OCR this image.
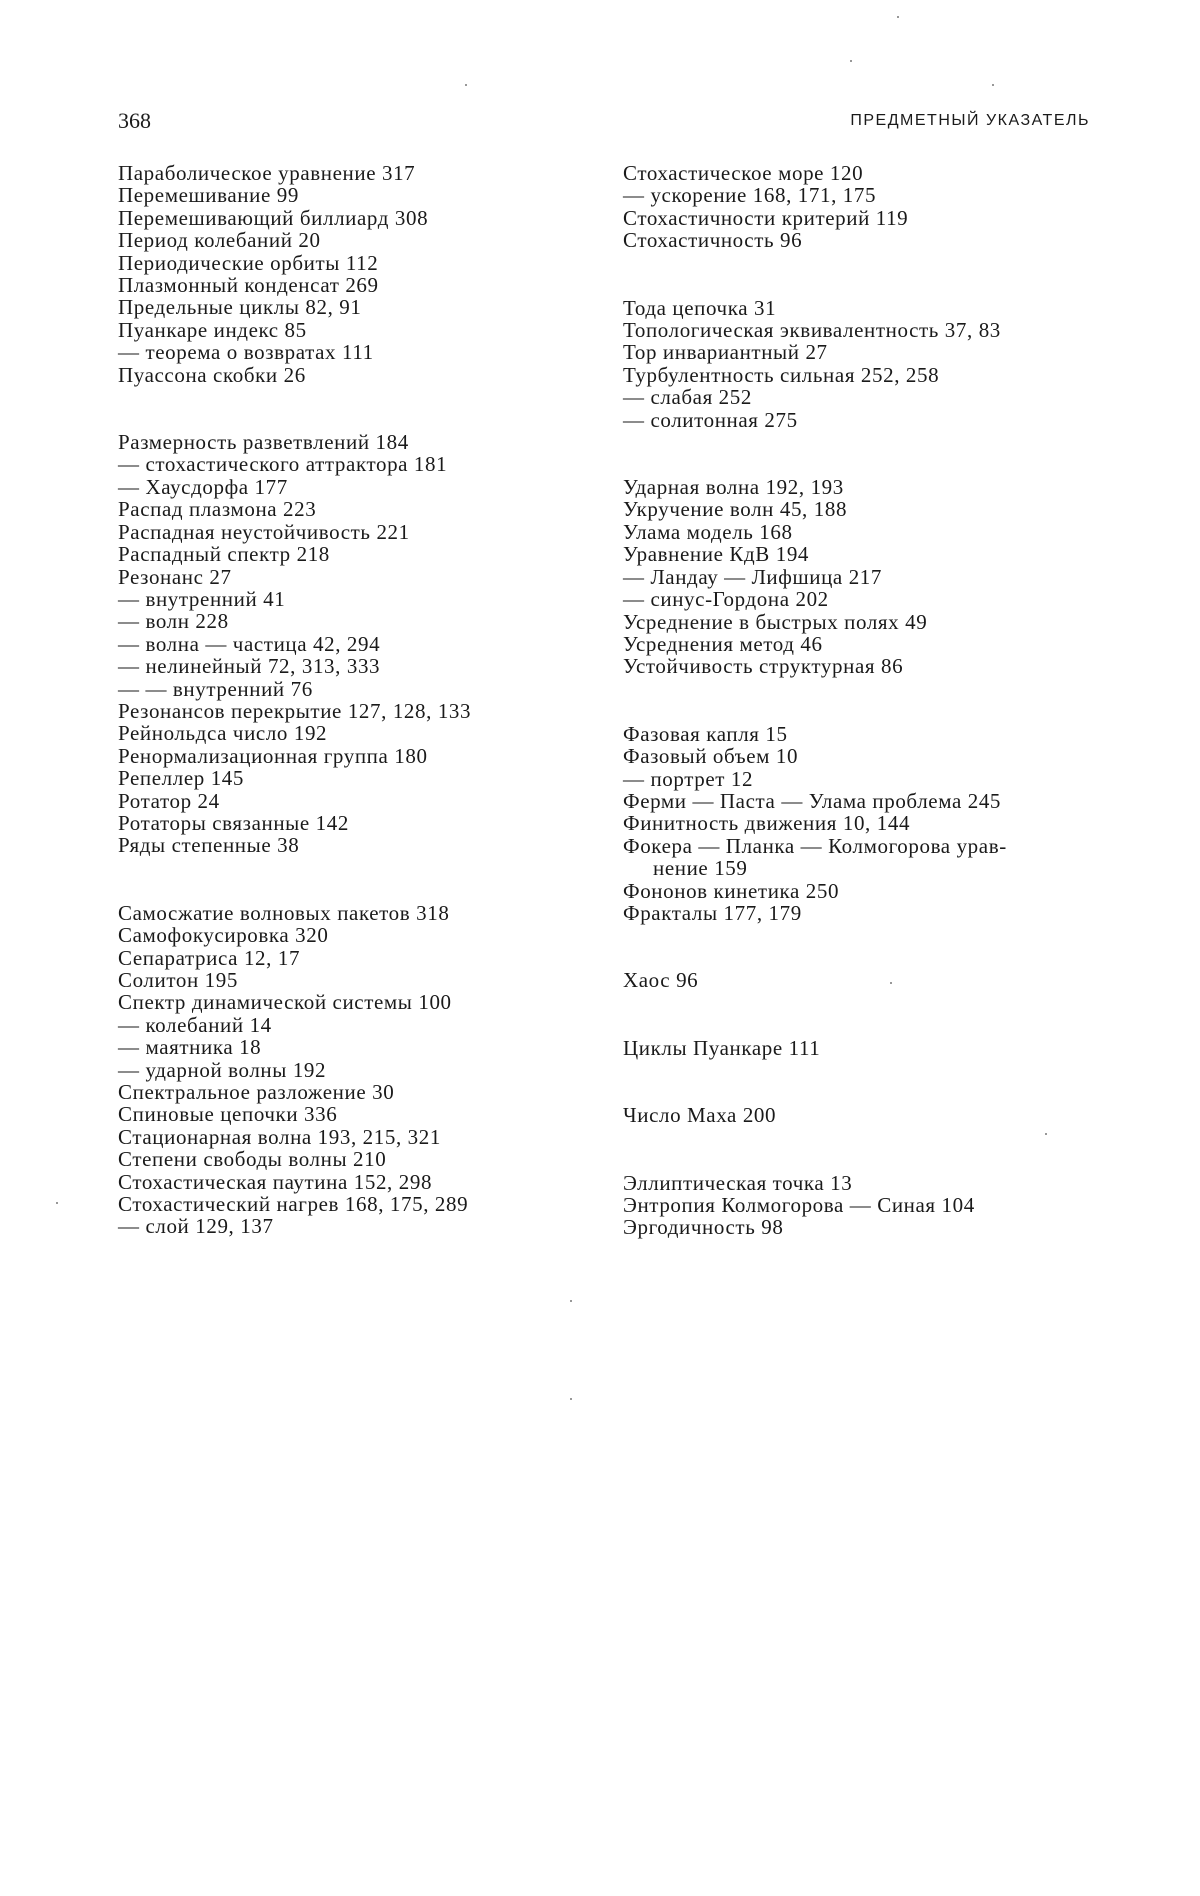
368	ПРЕДМЕТНЫЙ УКАЗАТЕЛЬ
Параболическое уравнение 317
Перемешивание 99
Перемешивающий биллиард 308
Период колебаний 20
Периодические орбиты 112
Плазмонный конденсат 269
Предельные циклы 82, 91
Пуанкаре индекс 85
— теорема о возвратах 111
Пуассона скобки 26
Размерность разветвлений 184
— стохастического аттрактора 181
— Хаусдорфа 177
Распад плазмона 223
Распадная неустойчивость 221
Распадный спектр 218
Резонанс 27
— внутренний 41
— волн 228
— волна — частица 42, 294
— нелинейный 72, 313, 333
— — внутренний 76
Резонансов перекрытие 127, 128, 133
Рейнольдса число 192
Ренормализационная группа 180
Репеллер 145
Ротатор 24
Ротаторы связанные 142
Ряды степенные 38
Самосжатие волновых пакетов 318
Самофокусировка 320
Сепаратриса 12, 17
Солитон 195
Спектр динамической системы 100
— колебаний 14
— маятника 18
— ударной волны 192
Спектральное разложение 30
Спиновые цепочки 336
Стационарная волна 193, 215, 321
Степени свободы волны 210
Стохастическая паутина 152, 298
Стохастический нагрев 168, 175, 289
— слой 129, 137
Стохастическое море 120
— ускорение 168, 171, 175
Стохастичности критерий 119
Стохастичность 96
Тода цепочка 31
Топологическая эквивалентность 37, 83
Тор инвариантный 27
Турбулентность сильная 252, 258
— слабая 252
— солитонная 275
Ударная волна 192, 193
Укручение волн 45, 188
Улама модель 168
Уравнение КдВ 194
— Ландау — Лифшица 217
— синус-Гордона 202
Усреднение в быстрых полях 49
Усреднения метод 46
Устойчивость структурная 86
Фазовая капля 15
Фазовый объем 10
— портрет 12
Ферми — Паста — Улама проблема 245
Финитность движения 10, 144
Фокера — Планка — Колмогорова урав-
нение 159
Фононов кинетика 250
Фракталы 177, 179
Хаос 96
Циклы Пуанкаре 111
Число Маха 200
Эллиптическая точка 13
Энтропия Колмогорова — Синая 104
Эргодичность 98
